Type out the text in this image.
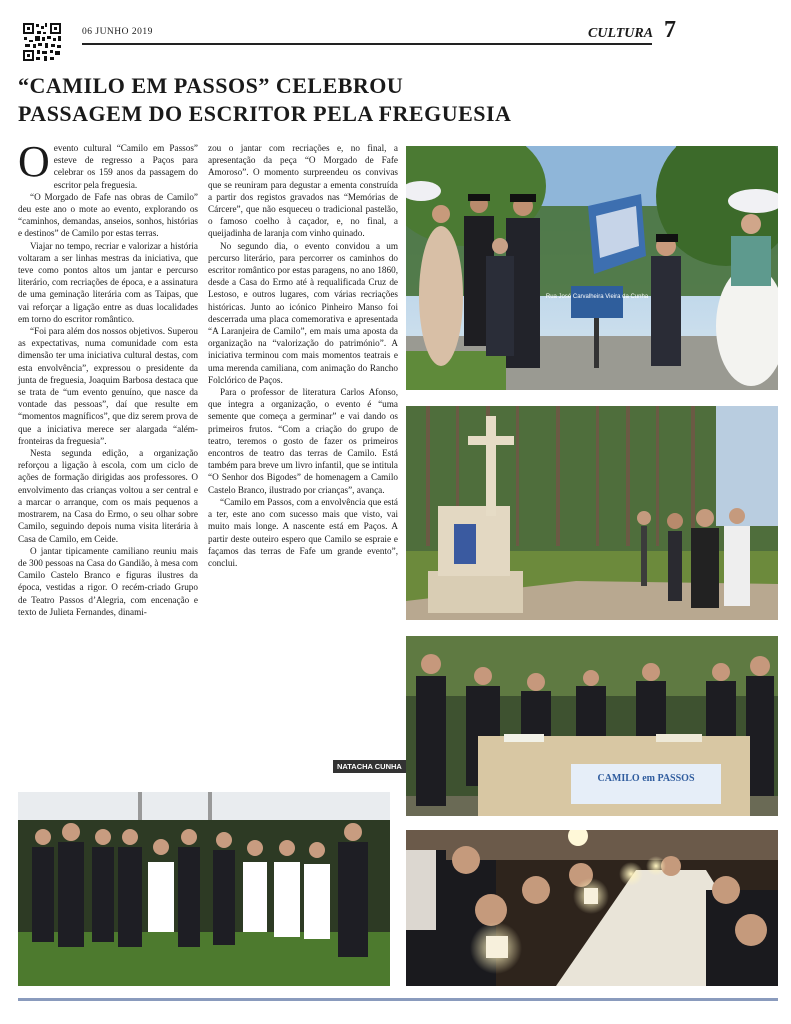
06 JUNHO 2019	CULTURA 7
“CAMILO EM PASSOS” CELEBROU
PASSAGEM DO ESCRITOR PELA FREGUESIA

O evento cultural “Camilo em Passos” esteve de regresso a Paços para celebrar os 159 anos da passagem do escritor pela freguesia.

“O Morgado de Fafe nas obras de Camilo” deu este ano o mote ao evento, explorando os “caminhos, demandas, anseios, sonhos, histórias e destinos” de Camilo por estas terras.

Viajar no tempo, recriar e valorizar a história voltaram a ser linhas mestras da iniciativa, que teve como pontos altos um jantar e percurso literário, com recriações de época, e a assinatura de uma geminação literária com as Taipas, que vai reforçar a ligação entre as duas localidades em torno do escritor romântico.

“Foi para além dos nossos objetivos. Superou as expectativas, numa comunidade com esta dimensão ter uma iniciativa cultural destas, com esta envolvência”, expressou o presidente da junta de freguesia, Joaquim Barbosa destaca que se trata de “um evento genuíno, que nasce da vontade das pessoas”, daí que resulte em “momentos magníficos”, que diz serem prova de que a iniciativa merece ser alargada “além-fronteiras da freguesia”.

Nesta segunda edição, a organização reforçou a ligação à escola, com um ciclo de ações de formação dirigidas aos professores. O envolvimento das crianças voltou a ser central e a marcar o arranque, com os mais pequenos a mostrarem, na Casa do Ermo, o seu olhar sobre Camilo, seguindo depois numa visita literária à Casa de Camilo, em Ceide.

O jantar tipicamente camiliano reuniu mais de 300 pessoas na Casa do Gandião, à mesa com Camilo Castelo Branco e figuras ilustres da época, vestidas a rigor. O recém-criado Grupo de Teatro Passos d’Alegria, com encenação e texto de Julieta Fernandes, dinami-

zou o jantar com recriações e, no final, a apresentação da peça “O Morgado de Fafe Amoroso”. O momento surpreendeu os convivas que se reuniram para degustar a ementa construída a partir dos registos gravados nas “Memórias de Cárcere”, que não esqueceu o tradicional pastelão, o famoso coelho à caçador, e, no final, a queijadinha de laranja com vinho quinado.

No segundo dia, o evento convidou a um percurso literário, para percorrer os caminhos do escritor romântico por estas paragens, no ano 1860, desde a Casa do Ermo até à requalificada Cruz de Lestoso, e outros lugares, com várias recriações históricas. Junto ao icónico Pinheiro Manso foi descerrada uma placa comemorativa e apresentada “A Laranjeira de Camilo”, em mais uma aposta da organização na “valorização do património”. A iniciativa terminou com mais momentos teatrais e uma merenda camiliana, com animação do Rancho Folclórico de Paços.

Para o professor de literatura Carlos Afonso, que integra a organização, o evento é “uma semente que começa a germinar” e vai dando os primeiros frutos. “Com a criação do grupo de teatro, teremos o gosto de fazer os primeiros encontros de teatro das terras de Camilo. Está também para breve um livro infantil, que se intitula “O Senhor dos Bigodes” de homenagem a Camilo Castelo Branco, ilustrado por crianças”, avança.

“Camilo em Passos, com a envolvência que está a ter, este ano com sucesso mais que visto, vai muito mais longe. A nascente está em Paços. A partir deste outeiro espero que Camilo se espraie e façamos das terras de Fafe um grande evento”, conclui.

NATACHA CUNHA
Rua José Carvalheira Vieira da Cunha
CAMILO em PASSOS
